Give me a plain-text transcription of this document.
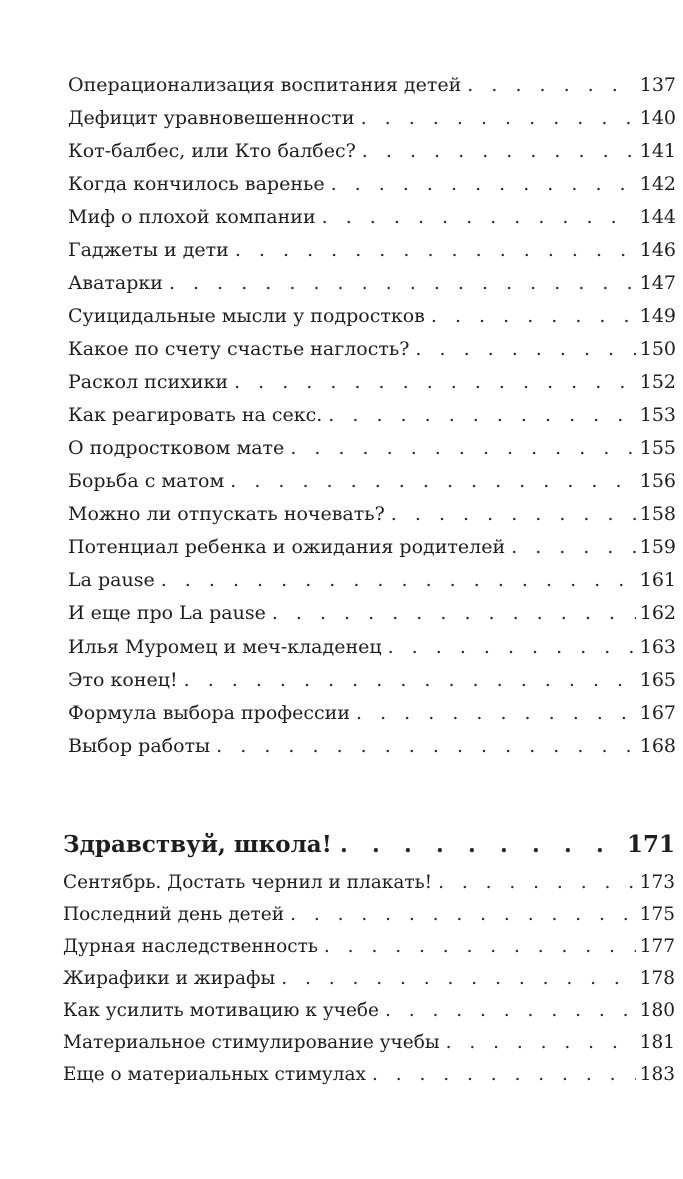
Операционализация воспитания детей . . .	137
Дефицит уравновешенности . . .	140
Кот-балбес, или Кто балбес? . . .	141
Когда кончилось варенье . . .	142
Миф о плохой компании . . .	144
Гаджеты и дети . . .	146
Аватарки . . .	147
Суицидальные мысли у подростков . . .	149
Какое по счету счастье наглость? . . .	150
Раскол психики . . .	152
Как реагировать на секс. . . .	153
О подростковом мате . . .	155
Борьба с матом . . .	156
Можно ли отпускать ночевать? . . .	158
Потенциал ребенка и ожидания родителей . . .	159
La pause . . .	161
И еще про La pause . . .	162
Илья Муромец и меч-кладенец . . .	163
Это конец! . . .	165
Формула выбора профессии . . .	167
Выбор работы . . .	168
Здравствуй, школа! . . .	171
Сентябрь. Достать чернил и плакать! . . .	173
Последний день детей . . .	175
Дурная наследственность . . .	177
Жирафики и жирафы . . .	178
Как усилить мотивацию к учебе . . .	180
Материальное стимулирование учебы . . .	181
Еще о материальных стимулах . . .	183
